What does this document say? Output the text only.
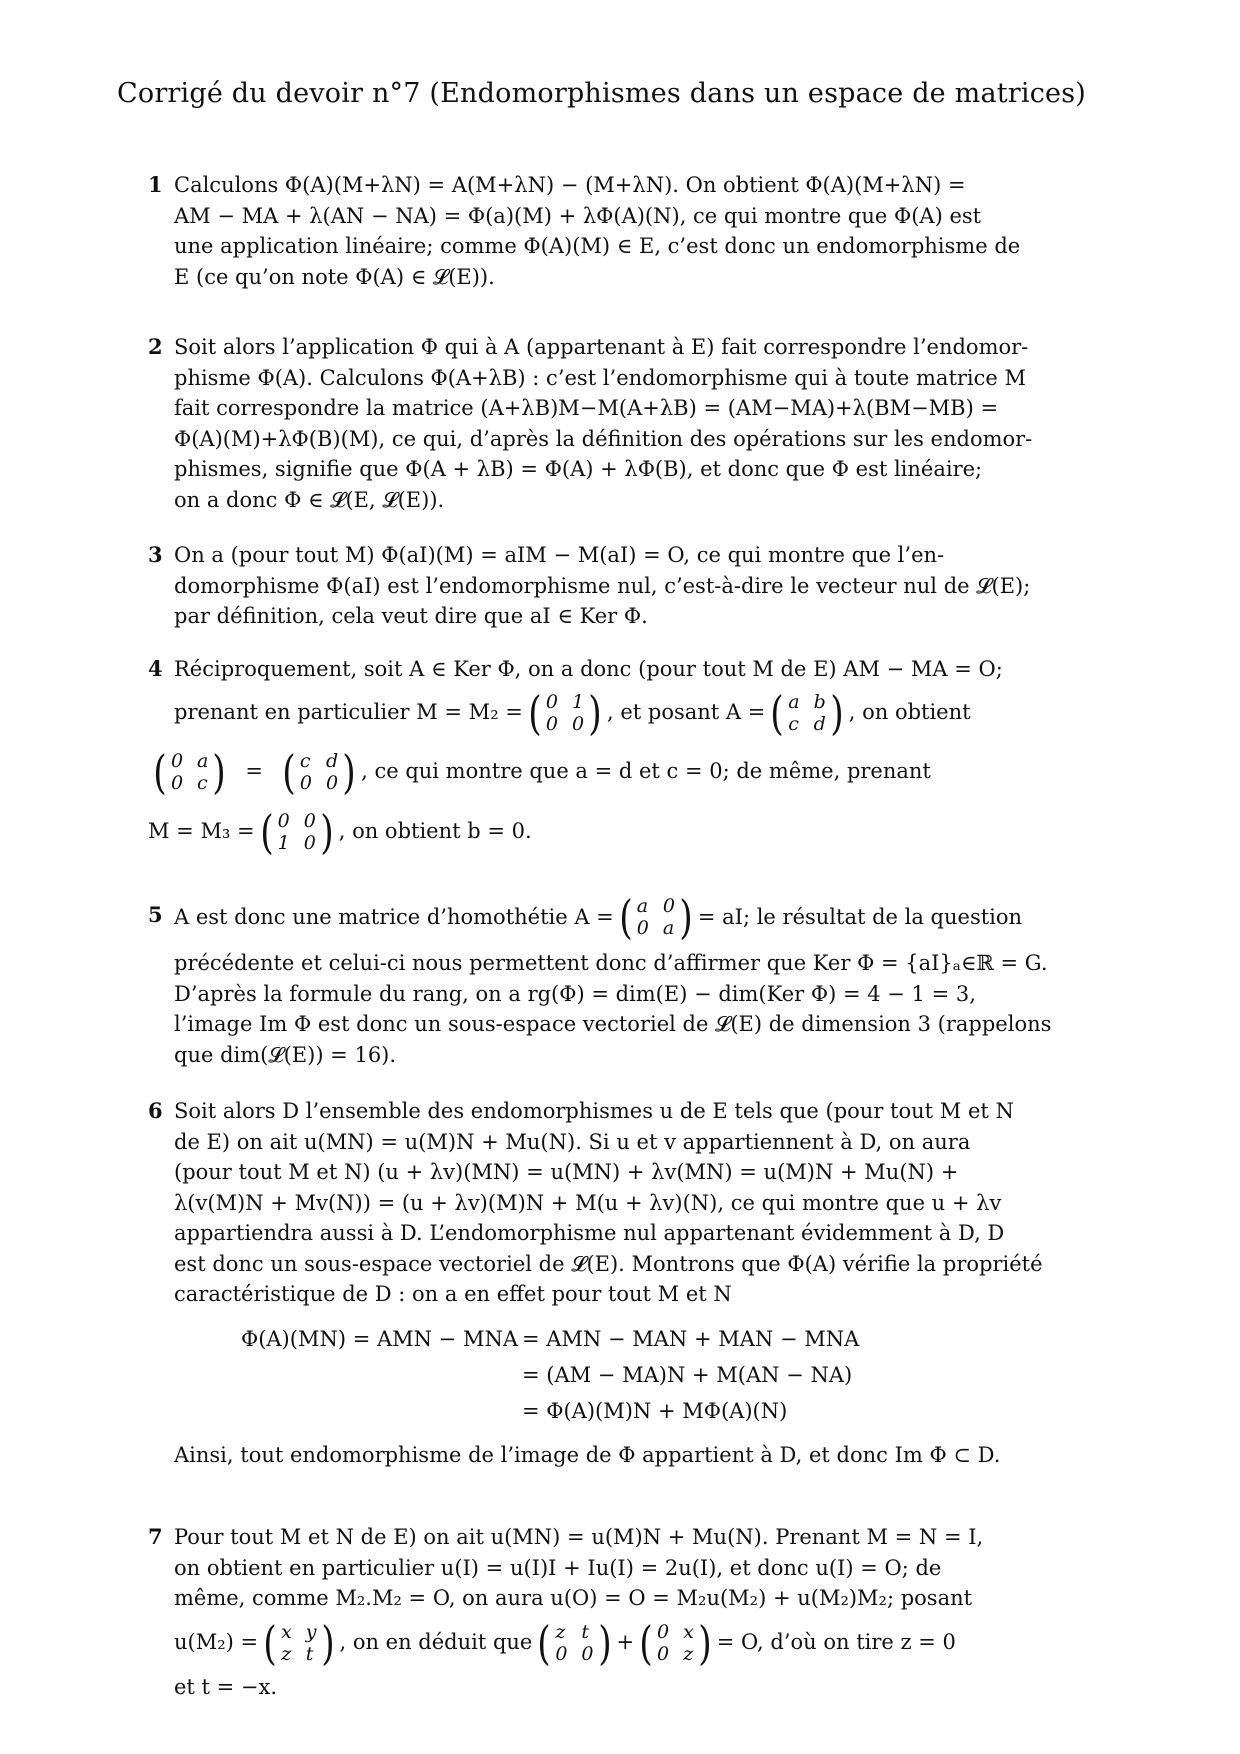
Corrigé du devoir n°7 (Endomorphismes dans un espace de matrices)
1 Calculons Φ(A)(M+λN) = A(M+λN) − (M+λN). On obtient Φ(A)(M+λN) =
AM − MA + λ(AN − NA) = Φ(a)(M) + λΦ(A)(N), ce qui montre que Φ(A) est
une application linéaire; comme Φ(A)(M) ∈ E, c’est donc un endomorphisme de
E (ce qu’on note Φ(A) ∈ 𝓛(E)).
2 Soit alors l’application Φ qui à A (appartenant à E) fait correspondre l’endomor-
phisme Φ(A). Calculons Φ(A+λB) : c’est l’endomorphisme qui à toute matrice M
fait correspondre la matrice (A+λB)M−M(A+λB) = (AM−MA)+λ(BM−MB) =
Φ(A)(M)+λΦ(B)(M), ce qui, d’après la définition des opérations sur les endomor-
phismes, signifie que Φ(A + λB) = Φ(A) + λΦ(B), et donc que Φ est linéaire;
on a donc Φ ∈ 𝓛(E, 𝓛(E)).
3 On a (pour tout M) Φ(aI)(M) = aIM − M(aI) = O, ce qui montre que l’en-
domorphisme Φ(aI) est l’endomorphisme nul, c’est-à-dire le vecteur nul de 𝓛(E);
par définition, cela veut dire que aI ∈ Ker Φ.
4 Réciproquement, soit A ∈ Ker Φ, on a donc (pour tout M de E) AM − MA = O;
prenant en particulier M = M₂ = ( 0 1
0 0 ) , et posant A = ( a b
c d ) , on obtient
( 0 a
0 c ) = ( c d
0 0 ) , ce qui montre que a = d et c = 0; de même, prenant
M = M₃ = ( 0 0
1 0 ) , on obtient b = 0.
5 A est donc une matrice d’homothétie A = ( a 0
0 a ) = aI; le résultat de la question
précédente et celui-ci nous permettent donc d’affirmer que Ker Φ = {aI}ₐ∈ℝ = G.
D’après la formule du rang, on a rg(Φ) = dim(E) − dim(Ker Φ) = 4 − 1 = 3,
l’image Im Φ est donc un sous-espace vectoriel de 𝓛(E) de dimension 3 (rappelons
que dim(𝓛(E)) = 16).
6 Soit alors D l’ensemble des endomorphismes u de E tels que (pour tout M et N
de E) on ait u(MN) = u(M)N + Mu(N). Si u et v appartiennent à D, on aura
(pour tout M et N) (u + λv)(MN) = u(MN) + λv(MN) = u(M)N + Mu(N) +
λ(v(M)N + Mv(N)) = (u + λv)(M)N + M(u + λv)(N), ce qui montre que u + λv
appartiendra aussi à D. L’endomorphisme nul appartenant évidemment à D, D
est donc un sous-espace vectoriel de 𝓛(E). Montrons que Φ(A) vérifie la propriété
caractéristique de D : on a en effet pour tout M et N
Φ(A)(MN) = AMN − MNA = AMN − MAN + MAN − MNA
= (AM − MA)N + M(AN − NA)
= Φ(A)(M)N + MΦ(A)(N)
Ainsi, tout endomorphisme de l’image de Φ appartient à D, et donc Im Φ ⊂ D.
7 Pour tout M et N de E) on ait u(MN) = u(M)N + Mu(N). Prenant M = N = I,
on obtient en particulier u(I) = u(I)I + Iu(I) = 2u(I), et donc u(I) = O; de
même, comme M₂.M₂ = O, on aura u(O) = O = M₂u(M₂) + u(M₂)M₂; posant
u(M₂) = ( x y
z t ) , on en déduit que ( z t
0 0 ) + ( 0 x
0 z ) = O, d’où on tire z = 0
et t = −x.
